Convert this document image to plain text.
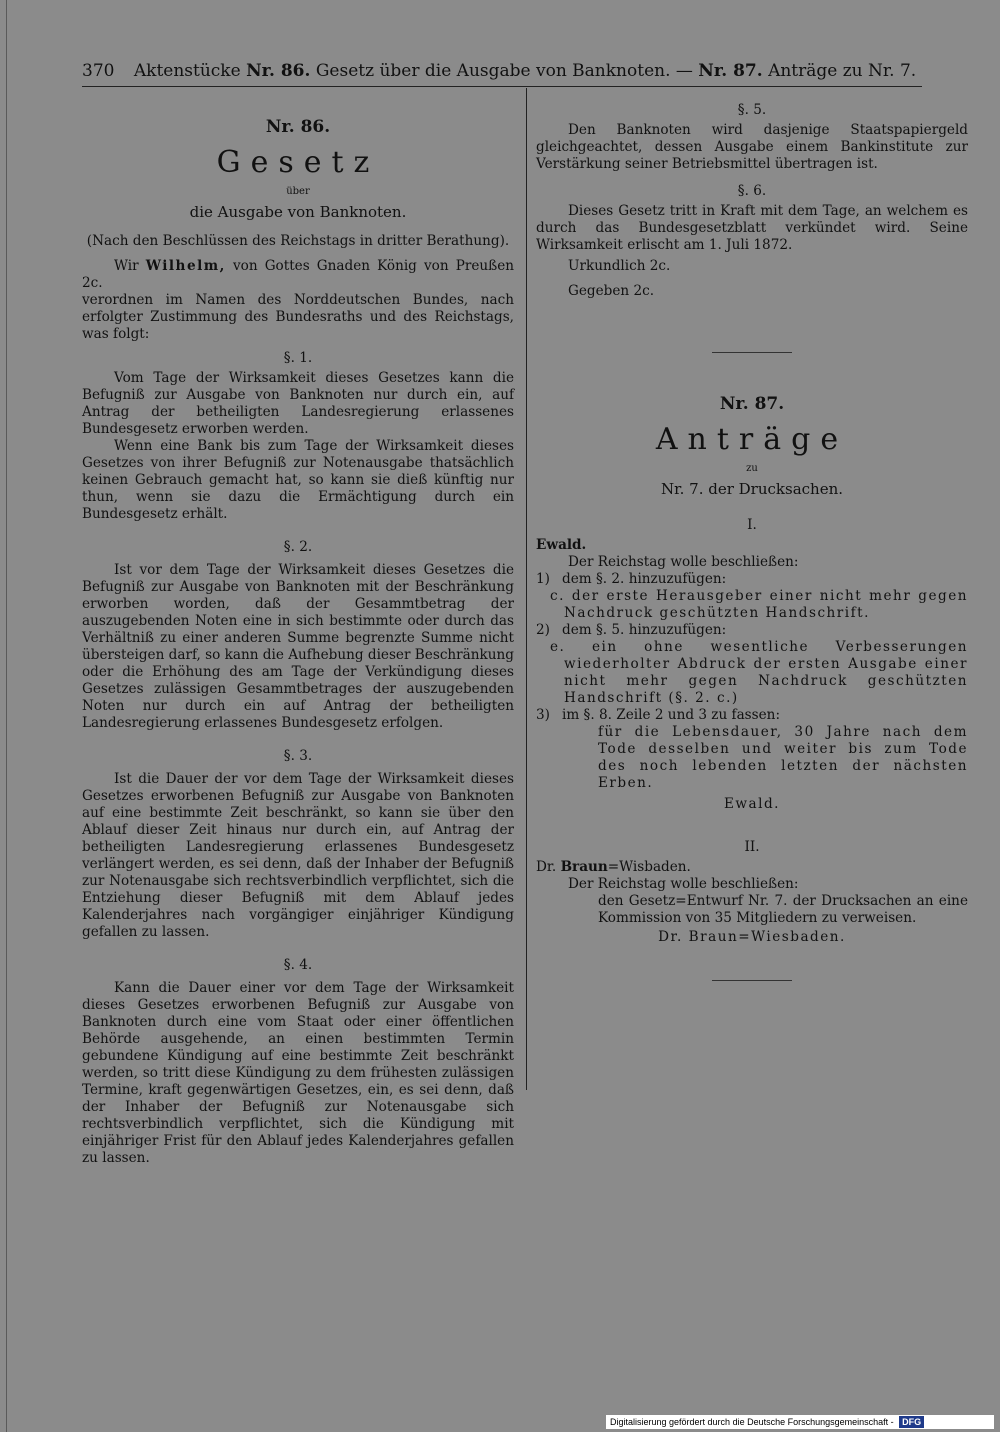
370 Aktenstücke Nr. 86. Gesetz über die Ausgabe von Banknoten. — Nr. 87. Anträge zu Nr. 7.
Nr. 86.
Gesetz
über
die Ausgabe von Banknoten.
(Nach den Beschlüssen des Reichstags in dritter Berathung).

Wir Wilhelm, von Gottes Gnaden König von Preußen 2c.

verordnen im Namen des Norddeutschen Bundes, nach erfolgter Zustimmung des Bundesraths und des Reichstags, was folgt:

§. 1.

Vom Tage der Wirksamkeit dieses Gesetzes kann die Befugniß zur Ausgabe von Banknoten nur durch ein, auf Antrag der betheiligten Landesregierung erlassenes Bundesgesetz erworben werden.

Wenn eine Bank bis zum Tage der Wirksamkeit dieses Gesetzes von ihrer Befugniß zur Notenausgabe thatsächlich keinen Gebrauch gemacht hat, so kann sie dieß künftig nur thun, wenn sie dazu die Ermächtigung durch ein Bundesgesetz erhält.

§. 2.

Ist vor dem Tage der Wirksamkeit dieses Gesetzes die Befugniß zur Ausgabe von Banknoten mit der Beschränkung erworben worden, daß der Gesammtbetrag der auszugebenden Noten eine in sich bestimmte oder durch das Verhältniß zu einer anderen Summe begrenzte Summe nicht übersteigen darf, so kann die Aufhebung dieser Beschränkung oder die Erhöhung des am Tage der Verkündigung dieses Gesetzes zulässigen Gesammtbetrages der auszugebenden Noten nur durch ein auf Antrag der betheiligten Landesregierung erlassenes Bundesgesetz erfolgen.

§. 3.

Ist die Dauer der vor dem Tage der Wirksamkeit dieses Gesetzes erworbenen Befugniß zur Ausgabe von Banknoten auf eine bestimmte Zeit beschränkt, so kann sie über den Ablauf dieser Zeit hinaus nur durch ein, auf Antrag der betheiligten Landesregierung erlassenes Bundesgesetz verlängert werden, es sei denn, daß der Inhaber der Befugniß zur Notenausgabe sich rechtsverbindlich verpflichtet, sich die Entziehung dieser Befugniß mit dem Ablauf jedes Kalenderjahres nach vorgängiger einjähriger Kündigung gefallen zu lassen.

§. 4.

Kann die Dauer einer vor dem Tage der Wirksamkeit dieses Gesetzes erworbenen Befugniß zur Ausgabe von Banknoten durch eine vom Staat oder einer öffentlichen Behörde ausgehende, an einen bestimmten Termin gebundene Kündigung auf eine bestimmte Zeit beschränkt werden, so tritt diese Kündigung zu dem frühesten zulässigen Termine, kraft gegenwärtigen Gesetzes, ein, es sei denn, daß der Inhaber der Befugniß zur Notenausgabe sich rechtsverbindlich verpflichtet, sich die Kündigung mit einjähriger Frist für den Ablauf jedes Kalenderjahres gefallen zu lassen.

§. 5.

Den Banknoten wird dasjenige Staatspapiergeld gleichgeachtet, dessen Ausgabe einem Bankinstitute zur Verstärkung seiner Betriebsmittel übertragen ist.

§. 6.

Dieses Gesetz tritt in Kraft mit dem Tage, an welchem es durch das Bundesgesetzblatt verkündet wird. Seine Wirksamkeit erlischt am 1. Juli 1872.

Urkundlich 2c.

Gegeben 2c.

Nr. 87.
Anträge
zu
Nr. 7. der Drucksachen.
I.

Ewald.

Der Reichstag wolle beschließen:

1) dem §. 2. hinzuzufügen:

c. der erste Herausgeber einer nicht mehr gegen Nachdruck geschützten Handschrift.

2) dem §. 5. hinzuzufügen:

e. ein ohne wesentliche Verbesserungen wiederholter Abdruck der ersten Ausgabe einer nicht mehr gegen Nachdruck geschützten Handschrift (§. 2. c.)

3) im §. 8. Zeile 2 und 3 zu fassen:

für die Lebensdauer, 30 Jahre nach dem Tode desselben und weiter bis zum Tode des noch lebenden letzten der nächsten Erben.

Ewald.
II.

Dr. Braun=Wisbaden.

Der Reichstag wolle beschließen:

den Gesetz=Entwurf Nr. 7. der Drucksachen an eine Kommission von 35 Mitgliedern zu verweisen.

Dr. Braun=Wiesbaden.
Digitalisierung gefördert durch die Deutsche Forschungsgemeinschaft - DFG
